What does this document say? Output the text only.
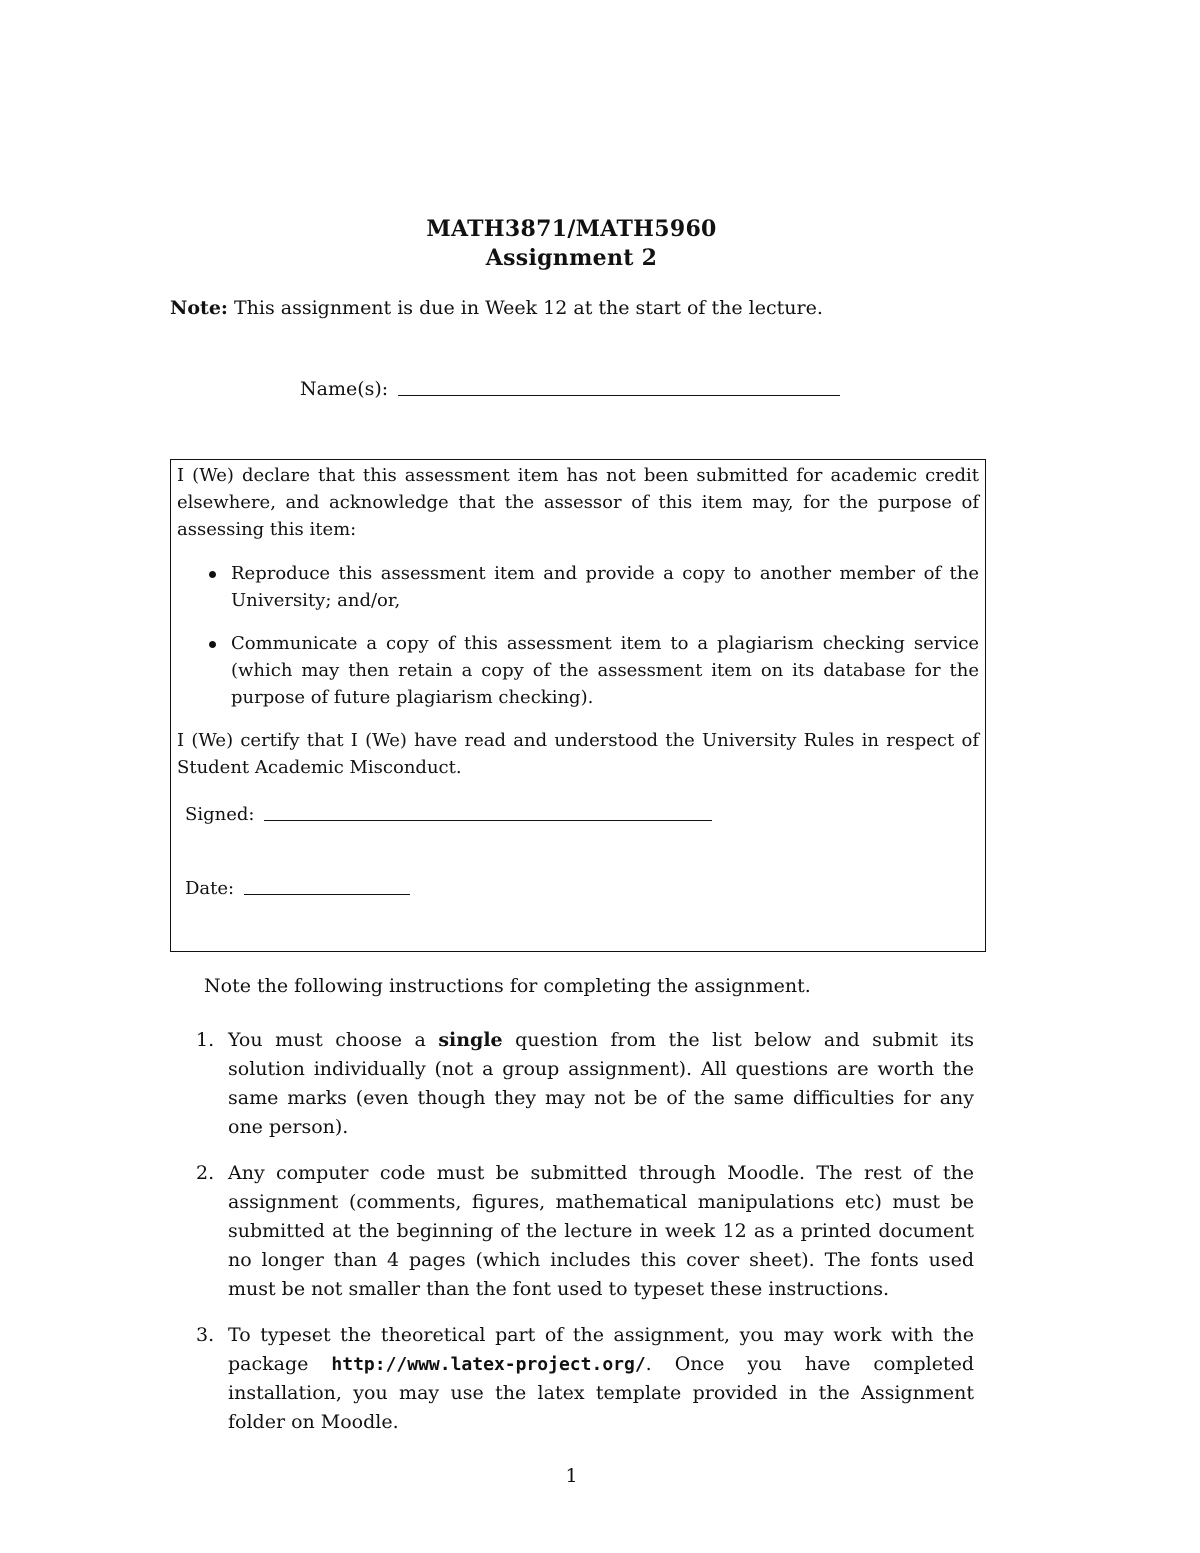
MATH3871/MATH5960
Assignment 2
Note: This assignment is due in Week 12 at the start of the lecture.
Name(s):
I (We) declare that this assessment item has not been submitted for academic credit elsewhere, and acknowledge that the assessor of this item may, for the purpose of assessing this item:
Reproduce this assessment item and provide a copy to another member of the University; and/or,
Communicate a copy of this assessment item to a plagiarism checking service (which may then retain a copy of the assessment item on its database for the purpose of future plagiarism checking).
I (We) certify that I (We) have read and understood the University Rules in respect of Student Academic Misconduct.
Signed:
Date:
Note the following instructions for completing the assignment.
1. You must choose a single question from the list below and submit its solution individually (not a group assignment). All questions are worth the same marks (even though they may not be of the same difficulties for any one person).
2. Any computer code must be submitted through Moodle. The rest of the assignment (comments, figures, mathematical manipulations etc) must be submitted at the beginning of the lecture in week 12 as a printed document no longer than 4 pages (which includes this cover sheet). The fonts used must be not smaller than the font used to typeset these instructions.
3. To typeset the theoretical part of the assignment, you may work with the package http://www.latex-project.org/. Once you have completed installation, you may use the latex template provided in the Assignment folder on Moodle.
1
